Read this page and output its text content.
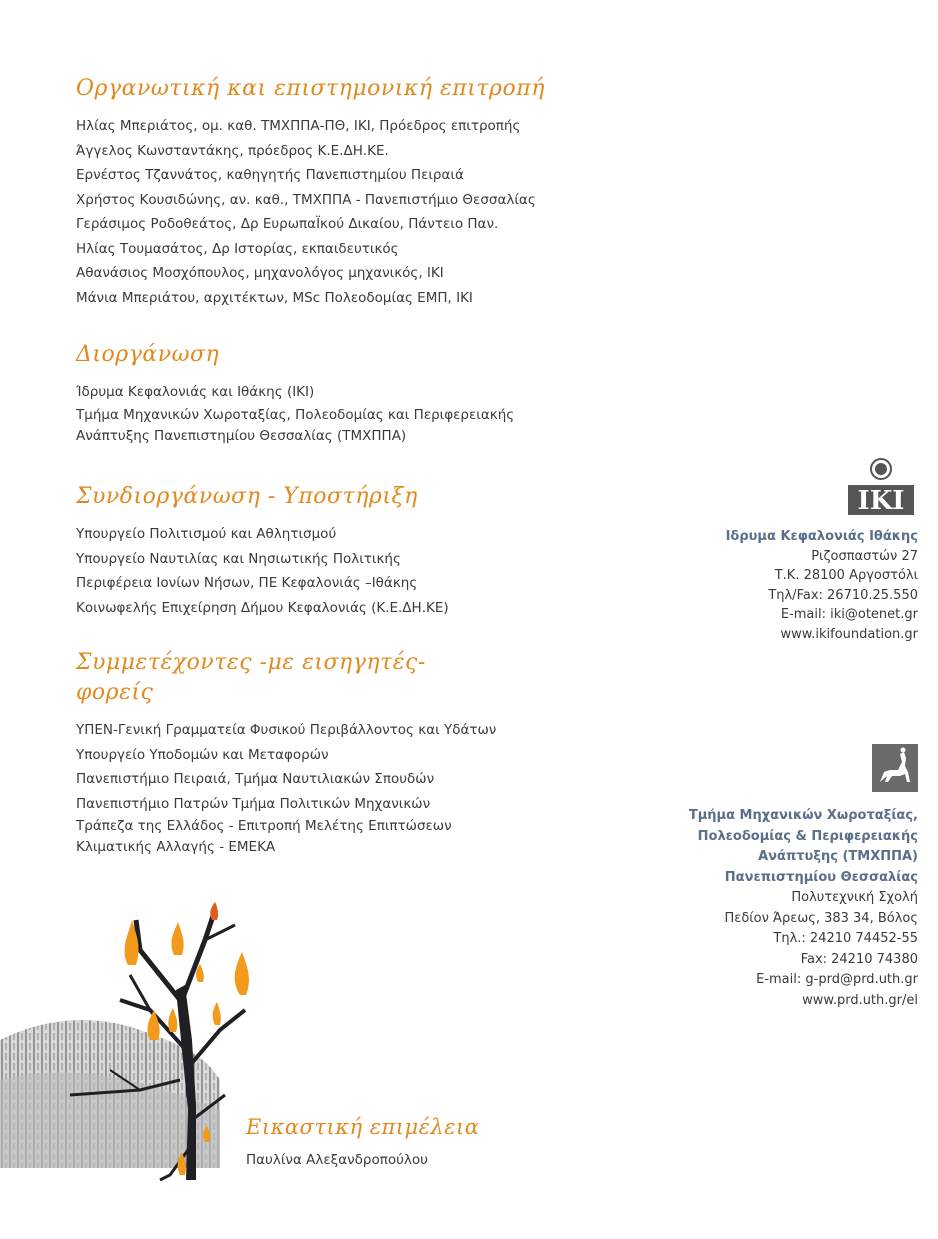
Οργανωτική και επιστημονική επιτροπή
Ηλίας Μπεριάτος, ομ. καθ. ΤΜΧΠΠΑ-ΠΘ, ΙΚΙ, Πρόεδρος επιτροπής
Άγγελος Κωνσταντάκης, πρόεδρος Κ.Ε.ΔΗ.ΚΕ.
Ερνέστος Τζαννάτος, καθηγητής Πανεπιστημίου Πειραιά
Χρήστος Κουσιδώνης, αν. καθ., ΤΜΧΠΠΑ - Πανεπιστήμιο Θεσσαλίας
Γεράσιμος Ροδοθεάτος, Δρ ΕυρωπαΪκού Δικαίου, Πάντειο Παν.
Ηλίας Τουμασάτος, Δρ Ιστορίας, εκπαιδευτικός
Αθανάσιος Μοσχόπουλος, μηχανολόγος μηχανικός, ΙΚΙ
Μάνια Μπεριάτου, αρχιτέκτων, MSc Πολεοδομίας ΕΜΠ, ΙΚΙ
Διοργάνωση
Ίδρυμα Κεφαλονιάς και Ιθάκης (ΙΚΙ)
Τμήμα Μηχανικών Χωροταξίας, Πολεοδομίας και Περιφερειακής Ανάπτυξης Πανεπιστημίου Θεσσαλίας (ΤΜΧΠΠΑ)
Συνδιοργάνωση - Υποστήριξη
Υπουργείο Πολιτισμού και Αθλητισμού
Υπουργείο Ναυτιλίας και Νησιωτικής Πολιτικής
Περιφέρεια Ιονίων Νήσων, ΠΕ Κεφαλονιάς –Ιθάκης
Κοινωφελής Επιχείρηση Δήμου Κεφαλονιάς (Κ.Ε.ΔΗ.ΚΕ)
Συμμετέχοντες -με εισηγητές- φορείς
ΥΠΕΝ-Γενική Γραμματεία Φυσικού Περιβάλλοντος και Υδάτων
Υπουργείο Υποδομών και Μεταφορών
Πανεπιστήμιο Πειραιά, Τμήμα Ναυτιλιακών Σπουδών
Πανεπιστήμιο Πατρών Τμήμα Πολιτικών Μηχανικών
Τράπεζα της Ελλάδος - Επιτροπή Μελέτης Επιπτώσεων Κλιματικής Αλλαγής - ΕΜΕΚΑ
ΙΚΙ
Ιδρυμα Κεφαλονιάς Ιθάκης
Ριζοσπαστών 27
Τ.Κ. 28100 Αργοστόλι
Τηλ/Fax: 26710.25.550
E-mail: iki@otenet.gr
www.ikifoundation.gr
Τμήμα Μηχανικών Χωροταξίας,
Πολεοδομίας & Περιφερειακής
Ανάπτυξης (ΤΜΧΠΠΑ)
Πανεπιστημίου Θεσσαλίας
Πολυτεχνική Σχολή
Πεδίον Άρεως, 383 34, Βόλος
Τηλ.: 24210 74452-55
Fax: 24210 74380
E-mail: g-prd@prd.uth.gr
www.prd.uth.gr/el
Εικαστική επιμέλεια
Παυλίνα Αλεξανδροπούλου
